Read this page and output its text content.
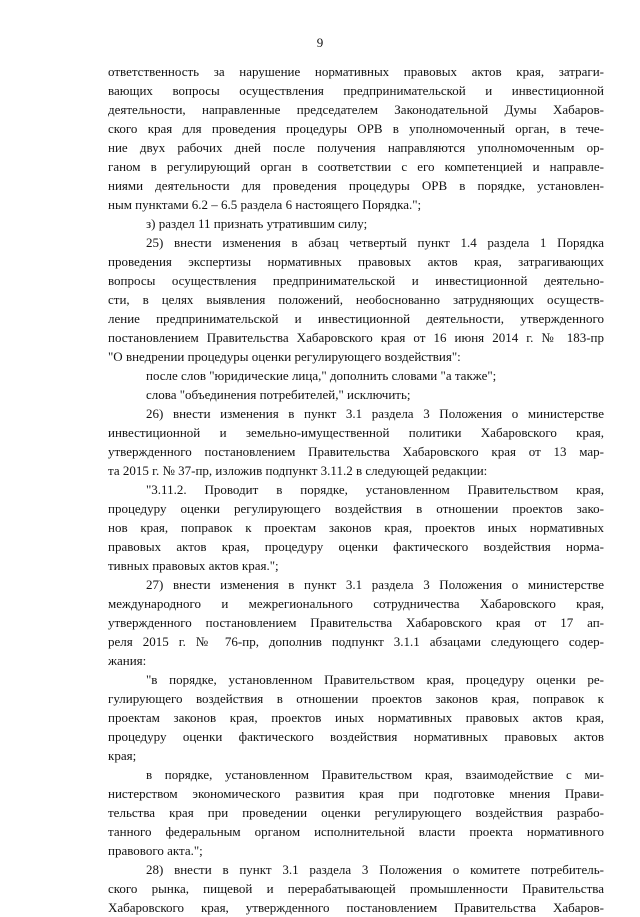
9
ответственность за нарушение нормативных правовых актов края, затраги-
вающих вопросы осуществления предпринимательской и инвестиционной
деятельности, направленные председателем Законодательной Думы Хабаров-
ского края для проведения процедуры ОРВ в уполномоченный орган, в тече-
ние двух рабочих дней после получения направляются уполномоченным ор-
ганом в регулирующий орган в соответствии с его компетенцией и направле-
ниями деятельности для проведения процедуры ОРВ в порядке, установлен-
ным пунктами 6.2 – 6.5 раздела 6 настоящего Порядка.";
з) раздел 11 признать утратившим силу;
25) внести изменения в абзац четвертый пункт 1.4 раздела 1 Порядка
проведения экспертизы нормативных правовых актов края, затрагивающих
вопросы осуществления предпринимательской и инвестиционной деятельно-
сти, в целях выявления положений, необоснованно затрудняющих осуществ-
ление предпринимательской и инвестиционной деятельности, утвержденного
постановлением Правительства Хабаровского края от 16 июня 2014 г. № 183-пр
"О внедрении процедуры оценки регулирующего воздействия":
после слов "юридические лица," дополнить словами "а также";
слова "объединения потребителей," исключить;
26) внести изменения в пункт 3.1 раздела 3 Положения о министерстве
инвестиционной и земельно-имущественной политики Хабаровского края,
утвержденного постановлением Правительства Хабаровского края от 13 мар-
та 2015 г. № 37-пр, изложив подпункт 3.11.2 в следующей редакции:
"3.11.2. Проводит в порядке, установленном Правительством края,
процедуру оценки регулирующего воздействия в отношении проектов зако-
нов края, поправок к проектам законов края, проектов иных нормативных
правовых актов края, процедуру оценки фактического воздействия норма-
тивных правовых актов края.";
27) внести изменения в пункт 3.1 раздела 3 Положения о министерстве
международного и межрегионального сотрудничества Хабаровского края,
утвержденного постановлением Правительства Хабаровского края от 17 ап-
реля 2015 г. № 76-пр, дополнив подпункт 3.1.1 абзацами следующего содер-
жания:
"в порядке, установленном Правительством края, процедуру оценки ре-
гулирующего воздействия в отношении проектов законов края, поправок к
проектам законов края, проектов иных нормативных правовых актов края,
процедуру оценки фактического воздействия нормативных правовых актов
края;
в порядке, установленном Правительством края, взаимодействие с ми-
нистерством экономического развития края при подготовке мнения Прави-
тельства края при проведении оценки регулирующего воздействия разрабо-
танного федеральным органом исполнительной власти проекта нормативного
правового акта.";
28) внести в пункт 3.1 раздела 3 Положения о комитете потребитель-
ского рынка, пищевой и перерабатывающей промышленности Правительства
Хабаровского края, утвержденного постановлением Правительства Хабаров-
